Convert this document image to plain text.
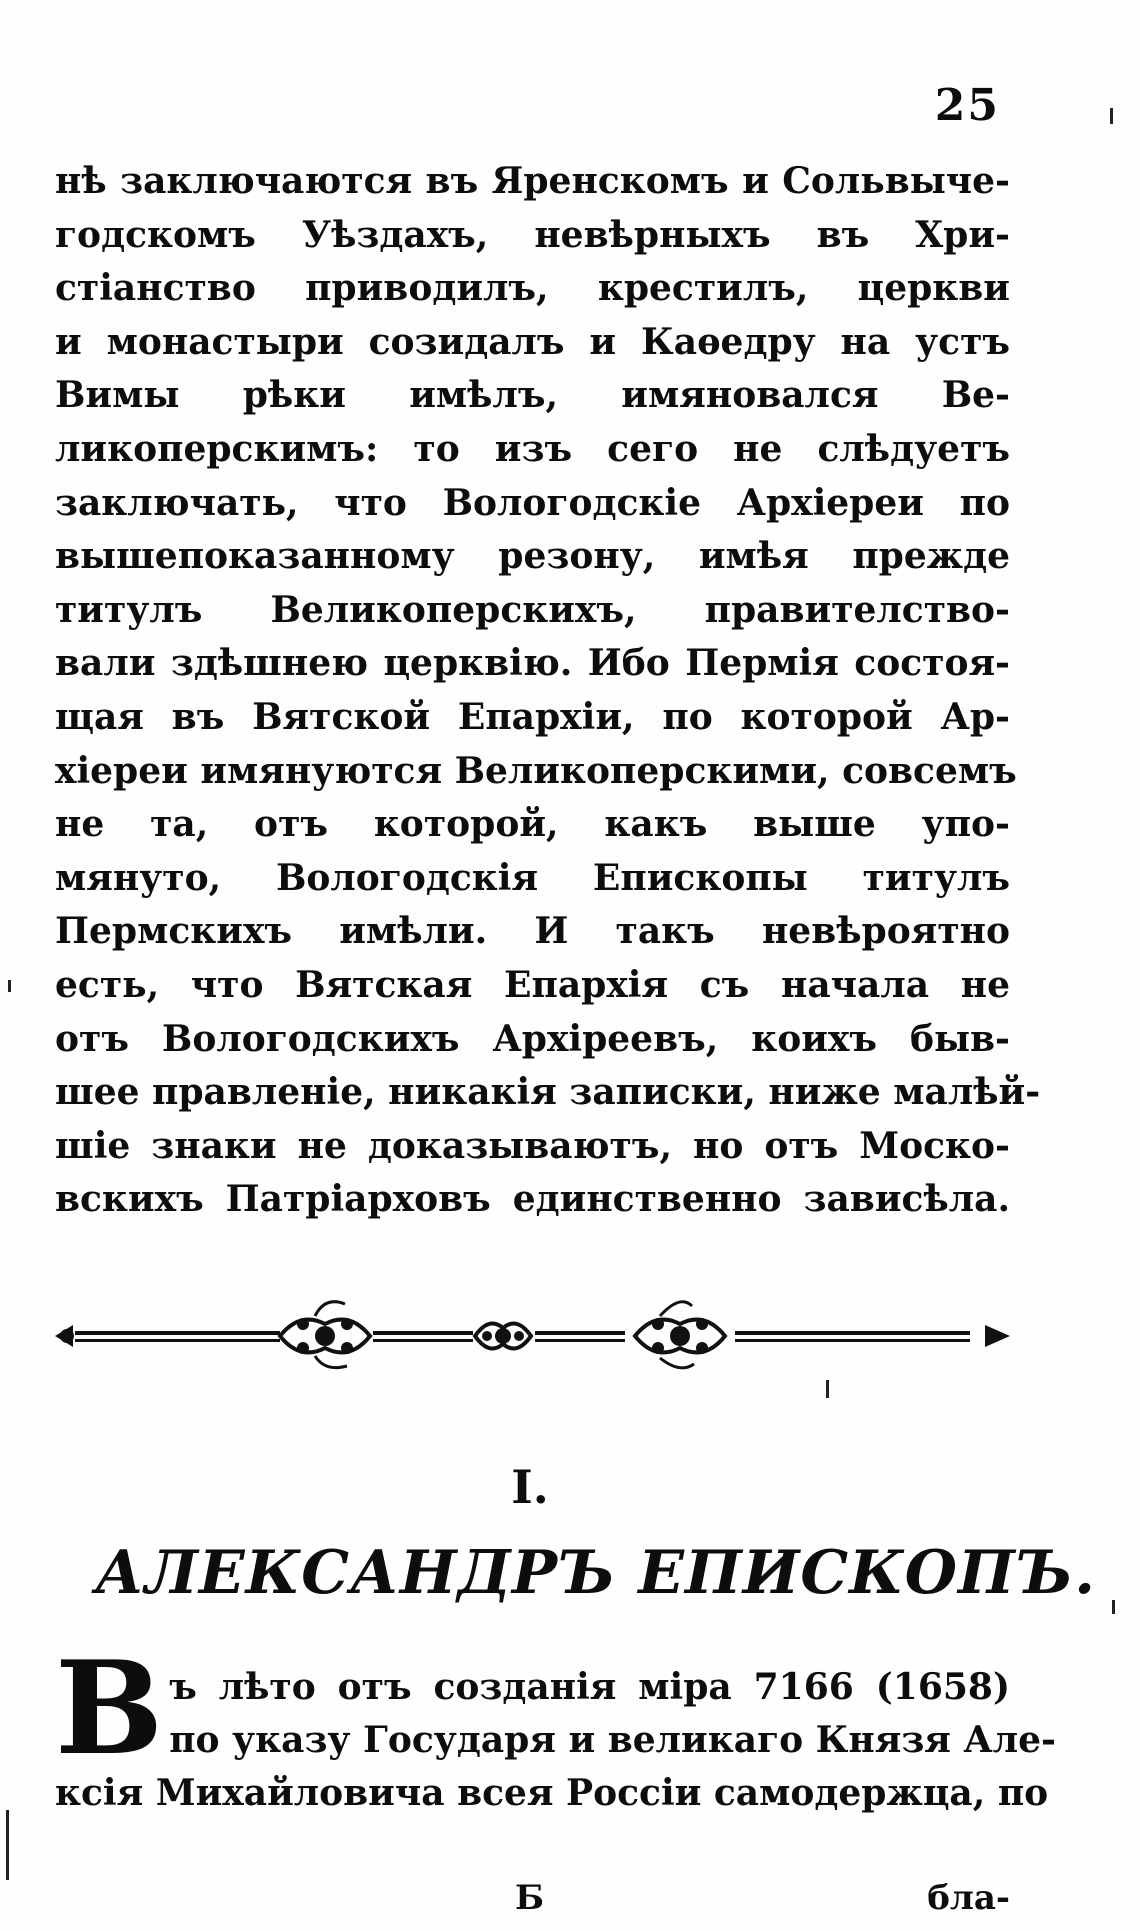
25
нѣ заключаются въ Яренскомъ и Сольвыче-
годскомъ Уѣздахъ, невѣрныхъ въ Хри-
стiанство приводилъ, крестилъ, церкви
и монастыри созидалъ и Каѳедру на устъ
Вимы рѣки имѣлъ, имяновался Ве-
ликоперскимъ: то изъ сего не слѣдуетъ
заключать, что Вологодскiе Архiереи по
вышепоказанному резону, имѣя прежде
титулъ Великоперскихъ, правителство-
вали здѣшнею церквiю. Ибо Пермiя состоя-
щая въ Вятской Епархiи, по которой Ар-
хiереи имянуются Великоперскими, совсемъ
не та, отъ которой, какъ выше упо-
мянуто, Вологодскiя Епископы титулъ
Пермскихъ имѣли. И такъ невѣроятно
есть, что Вятская Епархiя съ начала не
отъ Вологодскихъ Архiреевъ, коихъ быв-
шее правленiе, никакiя записки, ниже малѣй-
шiе знаки не доказываютъ, но отъ Моско-
вскихъ Патрiарховъ единственно зависѣла.
I.
АЛЕКСАНДРЪ ЕПИСКОПЪ.
В ъ лѣто отъ созданiя мiра 7166 (1658)
по указу Государя и великаго Князя Але-
ксiя Михайловича всея Россiи самодержца, по
Б	бла-
